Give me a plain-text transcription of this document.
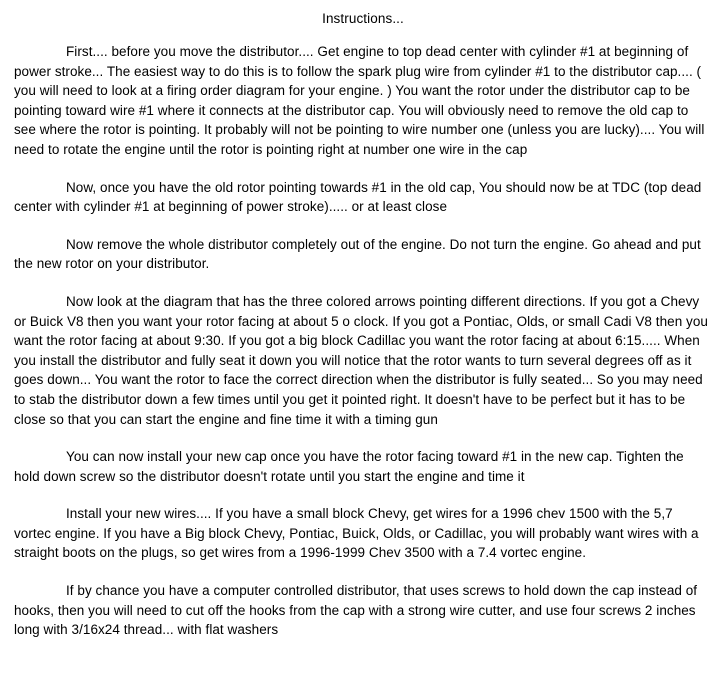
Instructions...

First.... before you move the distributor.... Get engine to top dead center with cylinder #1 at beginning of power stroke... The easiest way to do this is to follow the spark plug wire from cylinder #1 to the distributor cap.... ( you will need to look at a firing order diagram for your engine. ) You want the rotor under the distributor cap to be pointing toward wire #1 where it connects at the distributor cap. You will obviously need to remove the old cap to see where the rotor is pointing. It probably will not be pointing to wire number one (unless you are lucky).... You will need to rotate the engine until the rotor is pointing right at number one wire in the cap

Now, once you have the old rotor pointing towards #1 in the old cap, You should now be at TDC (top dead center with cylinder #1 at beginning of power stroke)..... or at least close

Now remove the whole distributor completely out of the engine. Do not turn the engine. Go ahead and put the new rotor on your distributor.

Now look at the diagram that has the three colored arrows pointing different directions. If you got a Chevy or Buick V8 then you want your rotor facing at about 5 o clock. If you got a Pontiac, Olds, or small Cadi V8 then you want the rotor facing at about 9:30. If you got a big block Cadillac you want the rotor facing at about 6:15..... When you install the distributor and fully seat it down you will notice that the rotor wants to turn several degrees off as it goes down... You want the rotor to face the correct direction when the distributor is fully seated... So you may need to stab the distributor down a few times until you get it pointed right. It doesn't have to be perfect but it has to be close so that you can start the engine and fine time it with a timing gun

You can now install your new cap once you have the rotor facing toward #1 in the new cap. Tighten the hold down screw so the distributor doesn't rotate until you start the engine and time it

Install your new wires.... If you have a small block Chevy, get wires for a 1996 chev 1500 with the 5,7 vortec engine. If you have a Big block Chevy, Pontiac, Buick, Olds, or Cadillac, you will probably want wires with a straight boots on the plugs, so get wires from a 1996-1999 Chev 3500 with a 7.4 vortec engine.

If by chance you have a computer controlled distributor, that uses screws to hold down the cap instead of hooks, then you will need to cut off the hooks from the cap with a strong wire cutter, and use four screws 2 inches long with 3/16x24 thread... with flat washers
